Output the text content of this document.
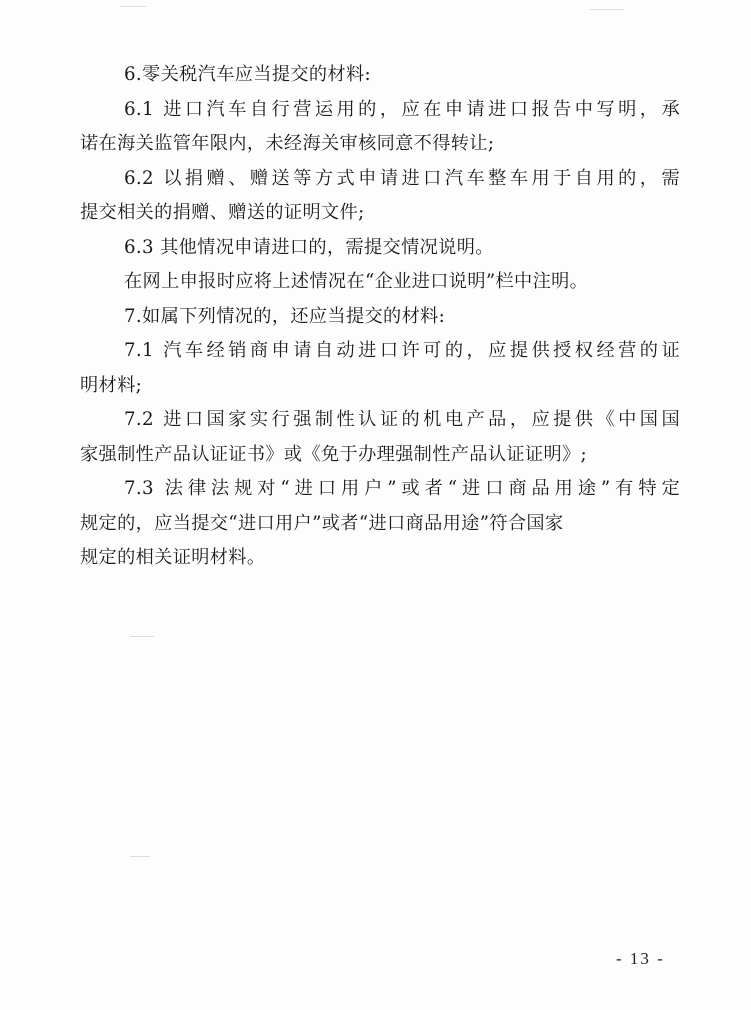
6.零关税汽车应当提交的材料:
6.1 进口汽车自行营运用的，应在申请进口报告中写明，承
诺在海关监管年限内，未经海关审核同意不得转让;
6.2 以捐赠、赠送等方式申请进口汽车整车用于自用的，需
提交相关的捐赠、赠送的证明文件;
6.3 其他情况申请进口的，需提交情况说明。
在网上申报时应将上述情况在“企业进口说明”栏中注明。
7.如属下列情况的，还应当提交的材料:
7.1 汽车经销商申请自动进口许可的，应提供授权经营的证
明材料;
7.2 进口国家实行强制性认证的机电产品，应提供《中国国
家强制性产品认证证书》或《免于办理强制性产品认证证明》;
7.3 法律法规对“进口用户”或者“进口商品用途”有特定
规定的，应当提交“进口用户”或者“进口商品用途”符合国家
规定的相关证明材料。
- 13 -
